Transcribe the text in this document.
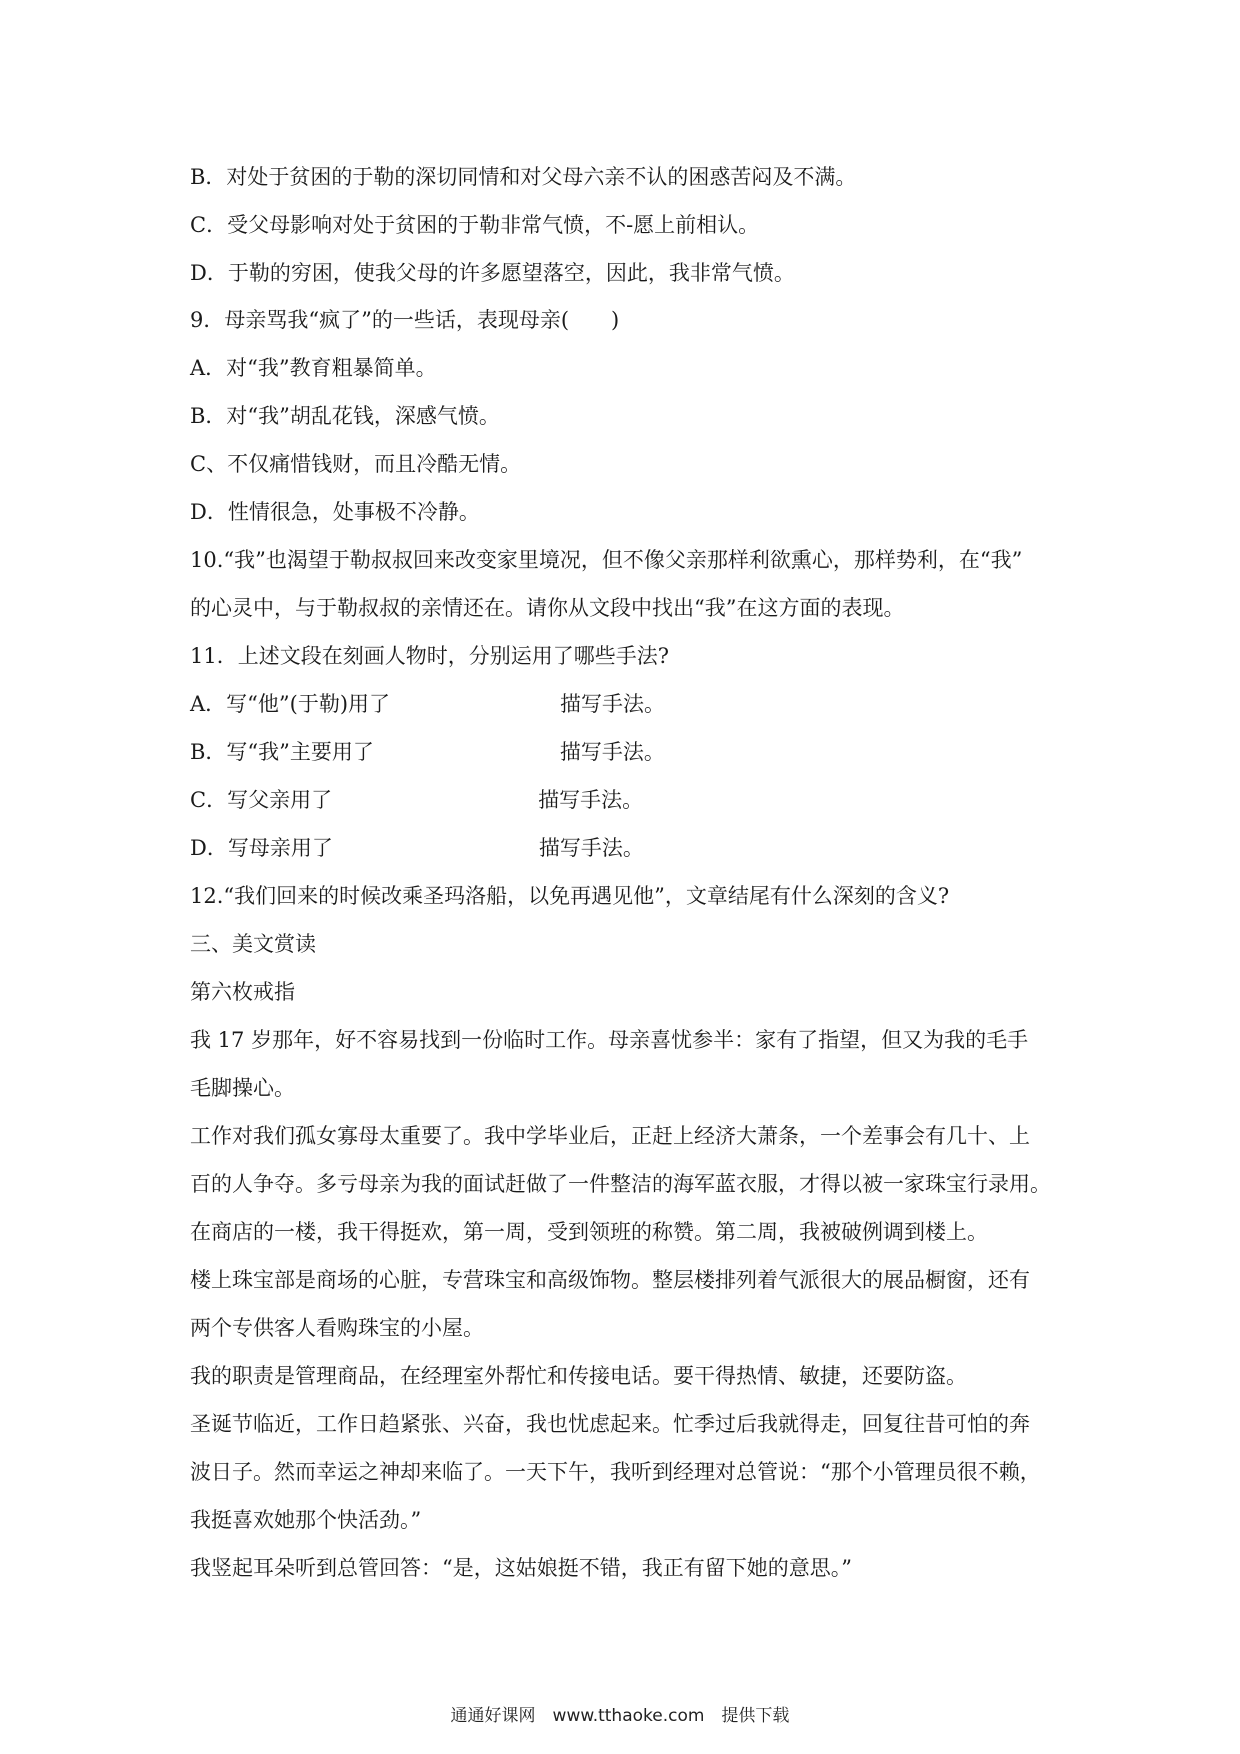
B．对处于贫困的于勒的深切同情和对父母六亲不认的困惑苦闷及不满。
C．受父母影响对处于贫困的于勒非常气愤，不-愿上前相认。
D．于勒的穷困，使我父母的许多愿望落空，因此，我非常气愤。
9．母亲骂我“疯了”的一些话，表现母亲(　　)
A．对“我”教育粗暴简单。
B．对“我”胡乱花钱，深感气愤。
C、不仅痛惜钱财，而且冷酷无情。
D．性情很急，处事极不冷静。
10.“我”也渴望于勒叔叔回来改变家里境况，但不像父亲那样利欲熏心，那样势利，在“我”
的心灵中，与于勒叔叔的亲情还在。请你从文段中找出“我”在这方面的表现。
11．上述文段在刻画人物时，分别运用了哪些手法?
A．写“他”(于勒)用了	描写手法。
B．写“我”主要用了	描写手法。
C．写父亲用了	描写手法。
D．写母亲用了	描写手法。
12.“我们回来的时候改乘圣玛洛船，以免再遇见他”，文章结尾有什么深刻的含义?
三、美文赏读
第六枚戒指
我 17 岁那年，好不容易找到一份临时工作。母亲喜忧参半：家有了指望，但又为我的毛手
毛脚操心。
工作对我们孤女寡母太重要了。我中学毕业后，正赶上经济大萧条，一个差事会有几十、上
百的人争夺。多亏母亲为我的面试赶做了一件整洁的海军蓝衣服，才得以被一家珠宝行录用。
在商店的一楼，我干得挺欢，第一周，受到领班的称赞。第二周，我被破例调到楼上。
楼上珠宝部是商场的心脏，专营珠宝和高级饰物。整层楼排列着气派很大的展品橱窗，还有
两个专供客人看购珠宝的小屋。
我的职责是管理商品，在经理室外帮忙和传接电话。要干得热情、敏捷，还要防盗。
圣诞节临近，工作日趋紧张、兴奋，我也忧虑起来。忙季过后我就得走，回复往昔可怕的奔
波日子。然而幸运之神却来临了。一天下午，我听到经理对总管说：“那个小管理员很不赖，
我挺喜欢她那个快活劲。”
我竖起耳朵听到总管回答：“是，这姑娘挺不错，我正有留下她的意思。”
通通好课网　www.tthaoke.com　提供下载
